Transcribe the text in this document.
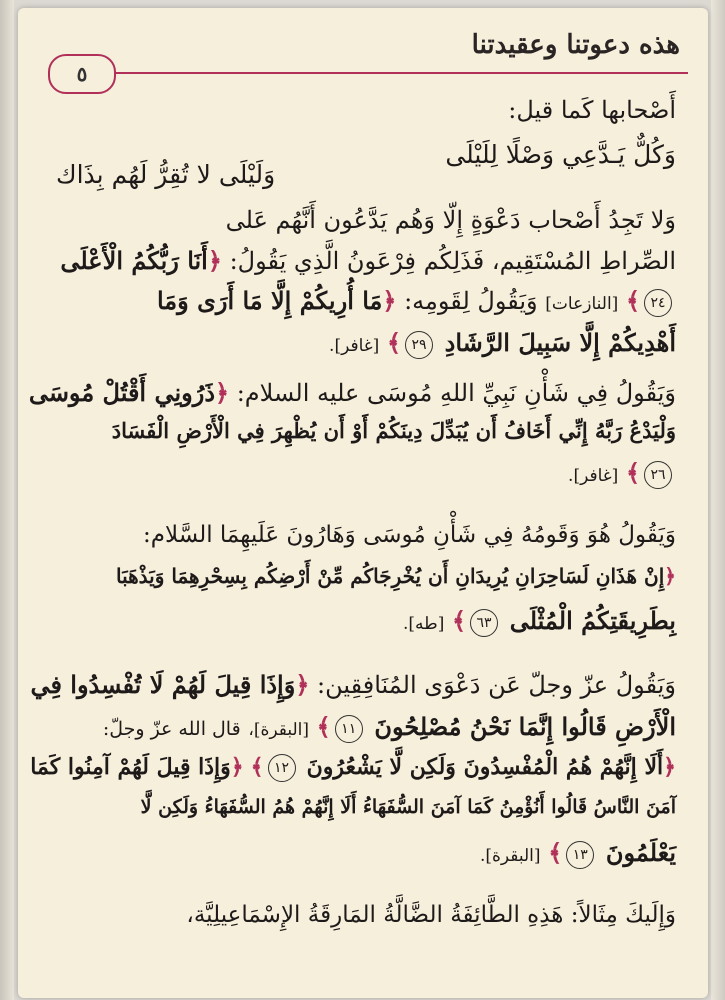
هذه دعوتنا وعقيدتنا
٥
أَصْحابها كَما قيل:
وَكُلٌّ يَـدَّعِي وَصْلًا لِلَيْلَى
وَلَيْلَى لا تُقِرُّ لَهُم بِذَاك
وَلا تَجِدُ أَصْحاب دَعْوَةٍ إِلّا وَهُم يَدَّعُون أَنَّهُم عَلى
الصِّراطِ المُسْتَقِيم، فَذَلِكُم فِرْعَونُ الَّذِي يَقُولُ: ﴿أَنَا رَبُّكُمُ الْأَعْلَى
٢٤﴾ [النازعات] وَيَقُولُ لِقَومِه: ﴿مَا أُرِيكُمْ إِلَّا مَا أَرَى وَمَا
أَهْدِيكُمْ إِلَّا سَبِيلَ الرَّشَادِ ٢٩﴾ [غافر].
وَيَقُولُ فِي شَأْنِ نَبِيِّ اللهِ مُوسَى عليه السلام: ﴿ذَرُونِي أَقْتُلْ مُوسَى
وَلْيَدْعُ رَبَّهُ إِنِّي أَخَافُ أَن يُبَدِّلَ دِينَكُمْ أَوْ أَن يُظْهِرَ فِي الْأَرْضِ الْفَسَادَ
٢٦﴾ [غافر].
وَيَقُولُ هُوَ وَقَومُهُ فِي شَأْنِ مُوسَى وَهَارُونَ عَلَيهِمَا السَّلام:
﴿إِنْ هَذَانِ لَسَاحِرَانِ يُرِيدَانِ أَن يُخْرِجَاكُم مِّنْ أَرْضِكُم بِسِحْرِهِمَا وَيَذْهَبَا
بِطَرِيقَتِكُمُ الْمُثْلَى ٦٣﴾ [طه].
وَيَقُولُ عزّ وجلّ عَن دَعْوَى المُنَافِقِين: ﴿وَإِذَا قِيلَ لَهُمْ لَا تُفْسِدُوا فِي
الْأَرْضِ قَالُوا إِنَّمَا نَحْنُ مُصْلِحُونَ ١١﴾ [البقرة]، قال الله عزّ وجلّ:
﴿أَلَا إِنَّهُمْ هُمُ الْمُفْسِدُونَ وَلَكِن لَّا يَشْعُرُونَ ١٢﴾ ﴿وَإِذَا قِيلَ لَهُمْ آمِنُوا كَمَا
آمَنَ النَّاسُ قَالُوا أَنُؤْمِنُ كَمَا آمَنَ السُّفَهَاءُ أَلَا إِنَّهُمْ هُمُ السُّفَهَاءُ وَلَكِن لَّا
يَعْلَمُونَ ١٣﴾ [البقرة].
وَإِلَيكَ مِثَالاً: هَذِهِ الطَّائِفَةُ الضَّالَّةُ المَارِقَةُ الإِسْمَاعِيلِيَّة،
